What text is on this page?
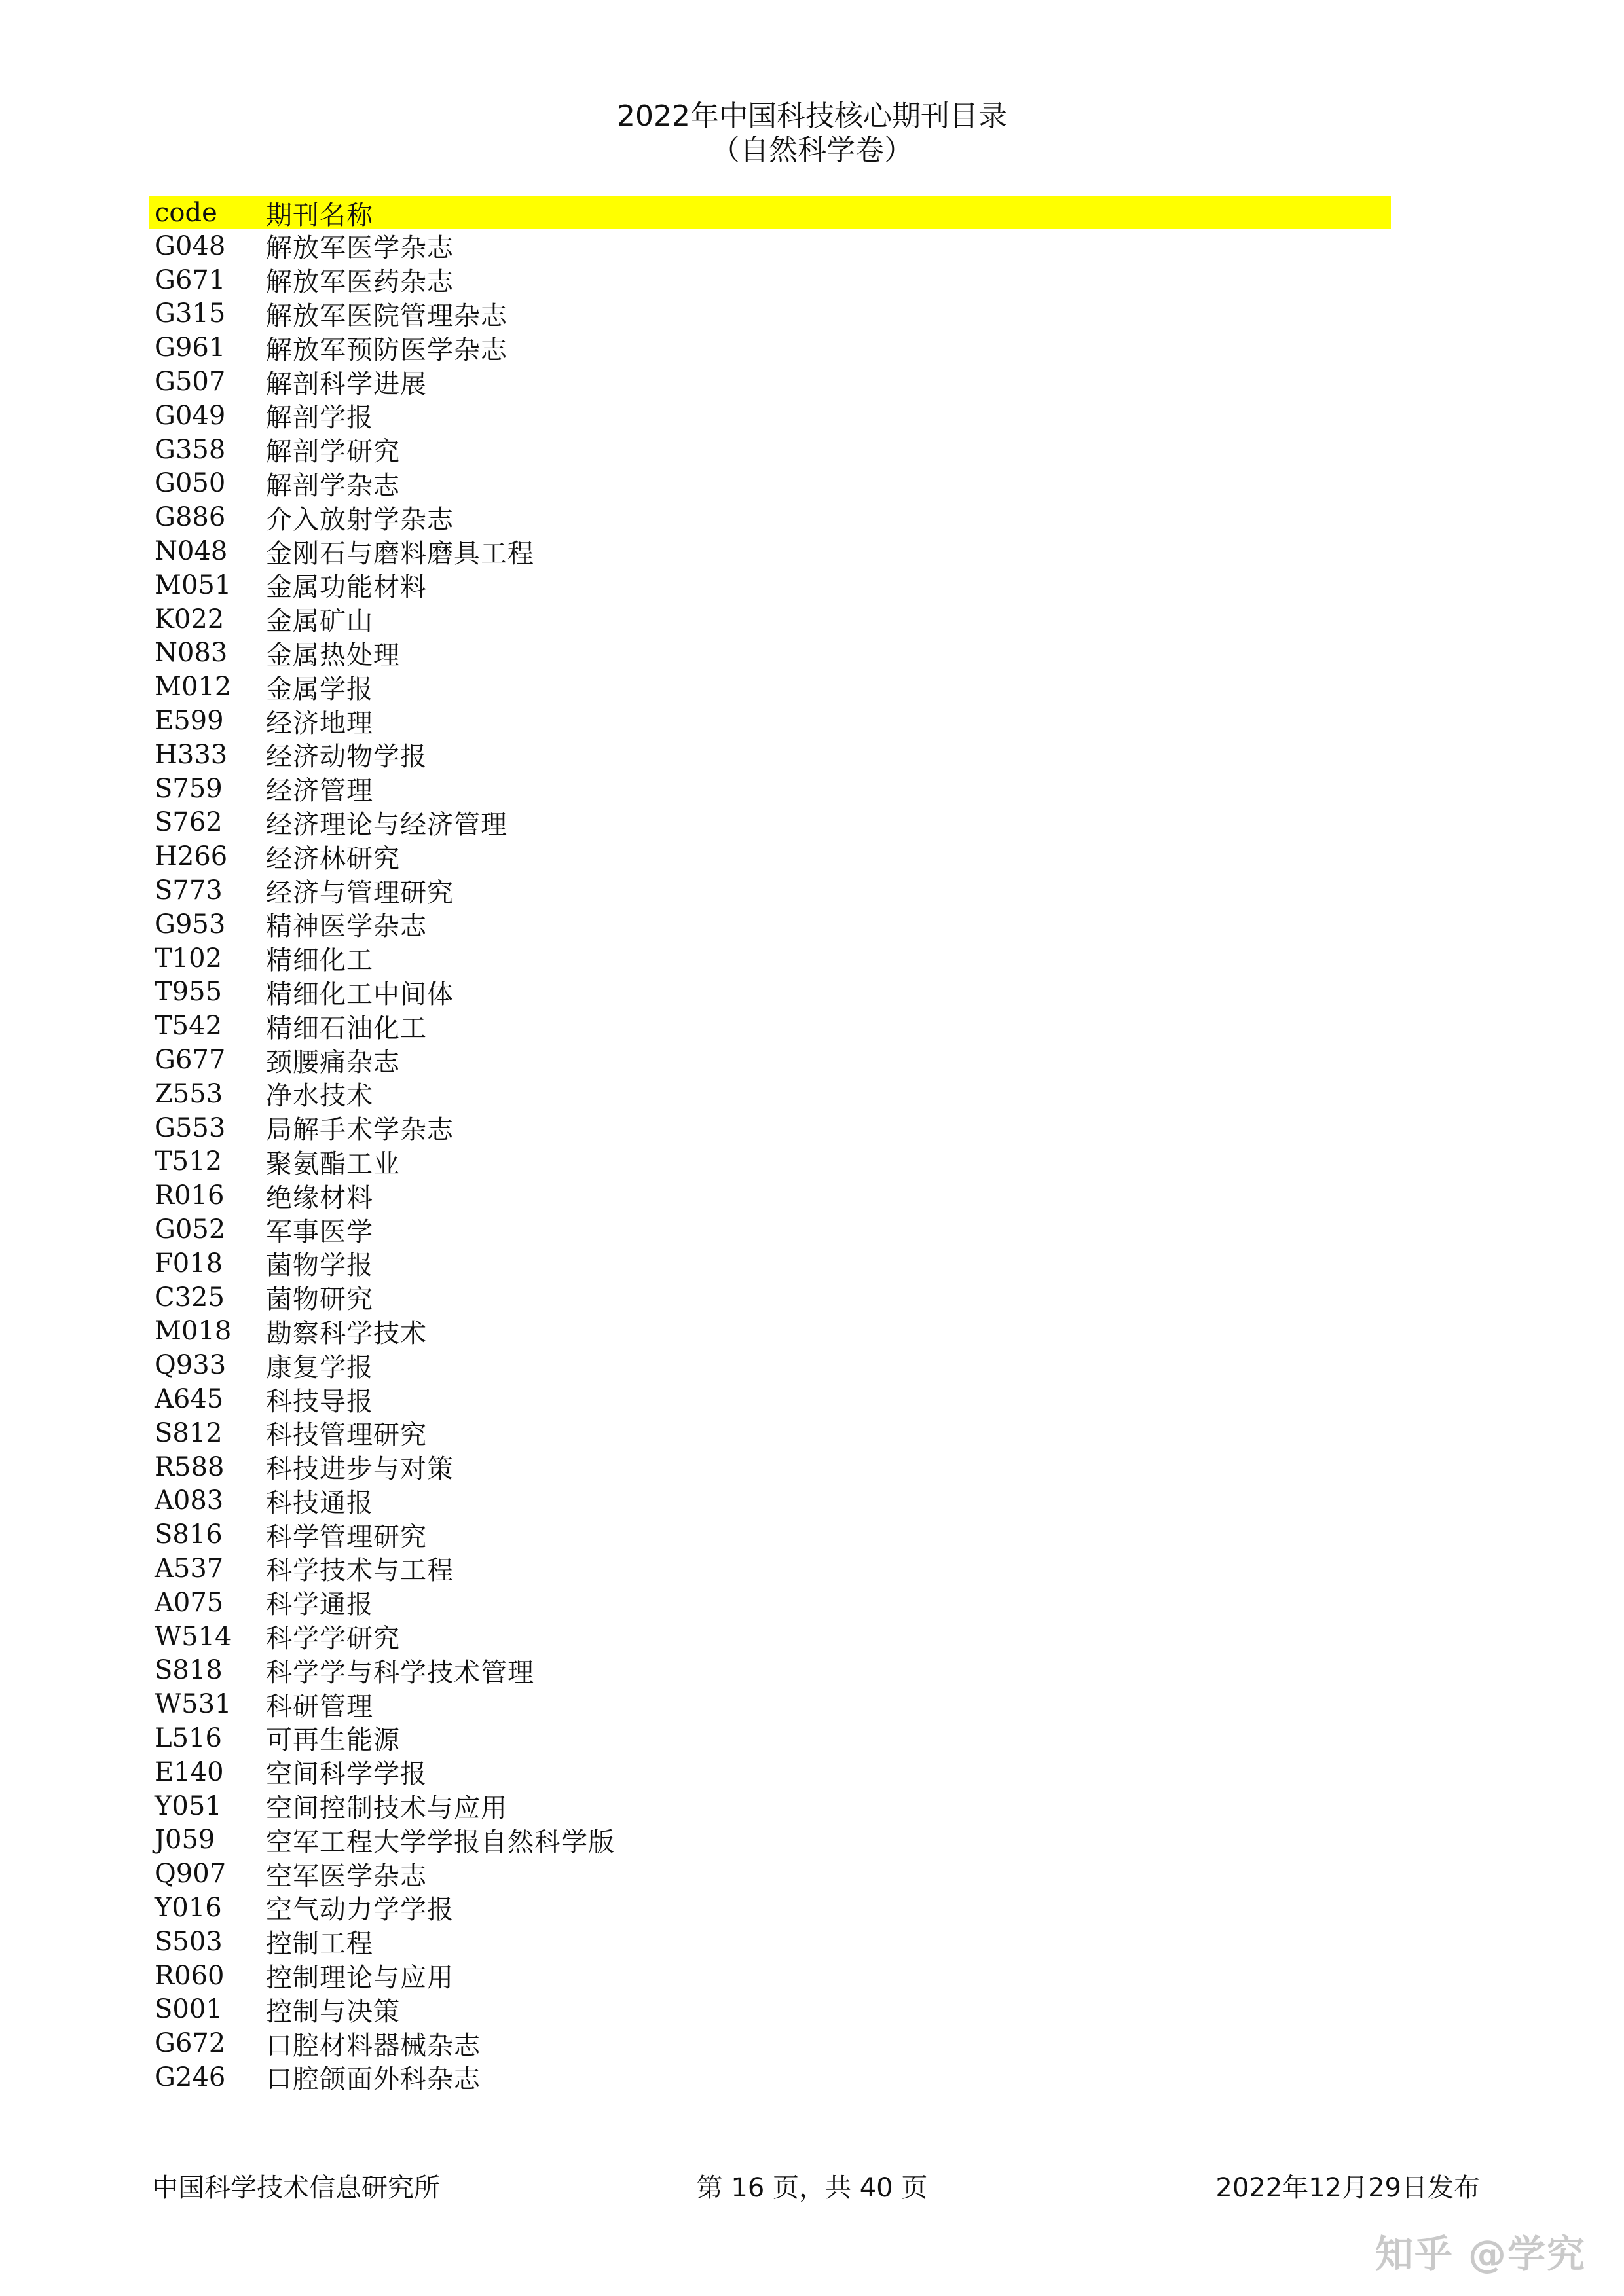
2022年中国科技核心期刊目录
（自然科学卷）
code	期刊名称
G048	解放军医学杂志
G671	解放军医药杂志
G315	解放军医院管理杂志
G961	解放军预防医学杂志
G507	解剖科学进展
G049	解剖学报
G358	解剖学研究
G050	解剖学杂志
G886	介入放射学杂志
N048	金刚石与磨料磨具工程
M051	金属功能材料
K022	金属矿山
N083	金属热处理
M012	金属学报
E599	经济地理
H333	经济动物学报
S759	经济管理
S762	经济理论与经济管理
H266	经济林研究
S773	经济与管理研究
G953	精神医学杂志
T102	精细化工
T955	精细化工中间体
T542	精细石油化工
G677	颈腰痛杂志
Z553	净水技术
G553	局解手术学杂志
T512	聚氨酯工业
R016	绝缘材料
G052	军事医学
F018	菌物学报
C325	菌物研究
M018	勘察科学技术
Q933	康复学报
A645	科技导报
S812	科技管理研究
R588	科技进步与对策
A083	科技通报
S816	科学管理研究
A537	科学技术与工程
A075	科学通报
W514	科学学研究
S818	科学学与科学技术管理
W531	科研管理
L516	可再生能源
E140	空间科学学报
Y051	空间控制技术与应用
J059	空军工程大学学报自然科学版
Q907	空军医学杂志
Y016	空气动力学学报
S503	控制工程
R060	控制理论与应用
S001	控制与决策
G672	口腔材料器械杂志
G246	口腔颌面外科杂志
中国科学技术信息研究所	第 16 页，共 40 页	2022年12月29日发布
知乎 @学究
